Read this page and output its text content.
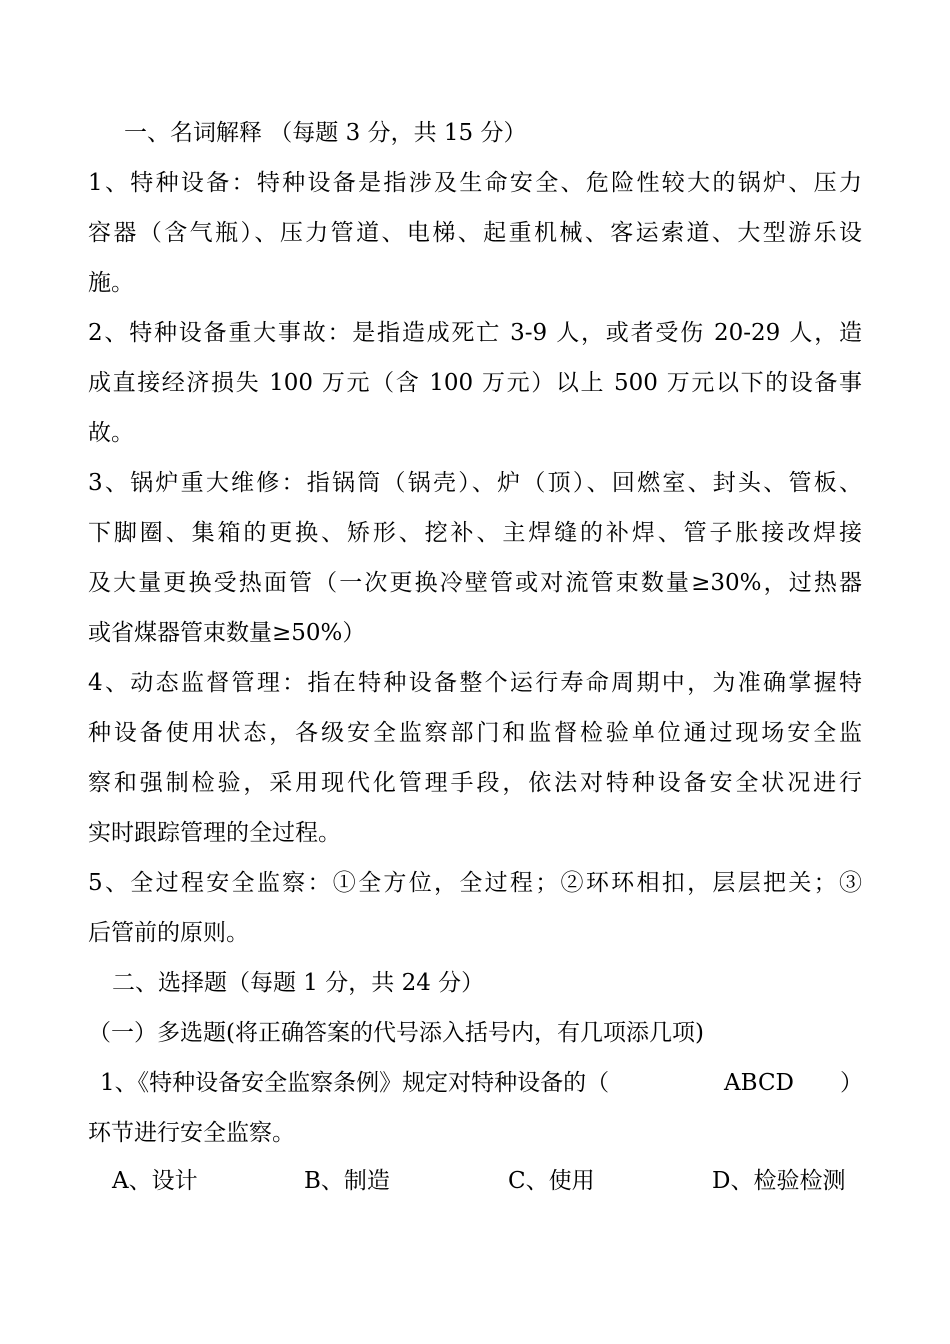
一、名词解释 （每题 3 分，共 15 分）
1、特种设备：特种设备是指涉及生命安全、危险性较大的锅炉、压力
容器（含气瓶）、压力管道、电梯、起重机械、客运索道、大型游乐设
施。
2、特种设备重大事故：是指造成死亡 3-9 人，或者受伤 20-29 人，造
成直接经济损失 100 万元（含 100 万元）以上 500 万元以下的设备事
故。
3、锅炉重大维修：指锅筒（锅壳）、炉（顶）、回燃室、封头、管板、
下脚圈、集箱的更换、矫形、挖补、主焊缝的补焊、管子胀接改焊接
及大量更换受热面管（一次更换冷壁管或对流管束数量≥30%，过热器
或省煤器管束数量≥50%）
4、动态监督管理：指在特种设备整个运行寿命周期中，为准确掌握特
种设备使用状态，各级安全监察部门和监督检验单位通过现场安全监
察和强制检验，采用现代化管理手段，依法对特种设备安全状况进行
实时跟踪管理的全过程。
5、全过程安全监察：①全方位，全过程；②环环相扣，层层把关；③
后管前的原则。
二、选择题（每题 1 分，共 24 分）
（一）多选题(将正确答案的代号添入括号内，有几项添几项)
1、《特种设备安全监察条例》规定对特种设备的（	ABCD ）
环节进行安全监察。
A、设计	B、制造	C、使用	D、检验检测
